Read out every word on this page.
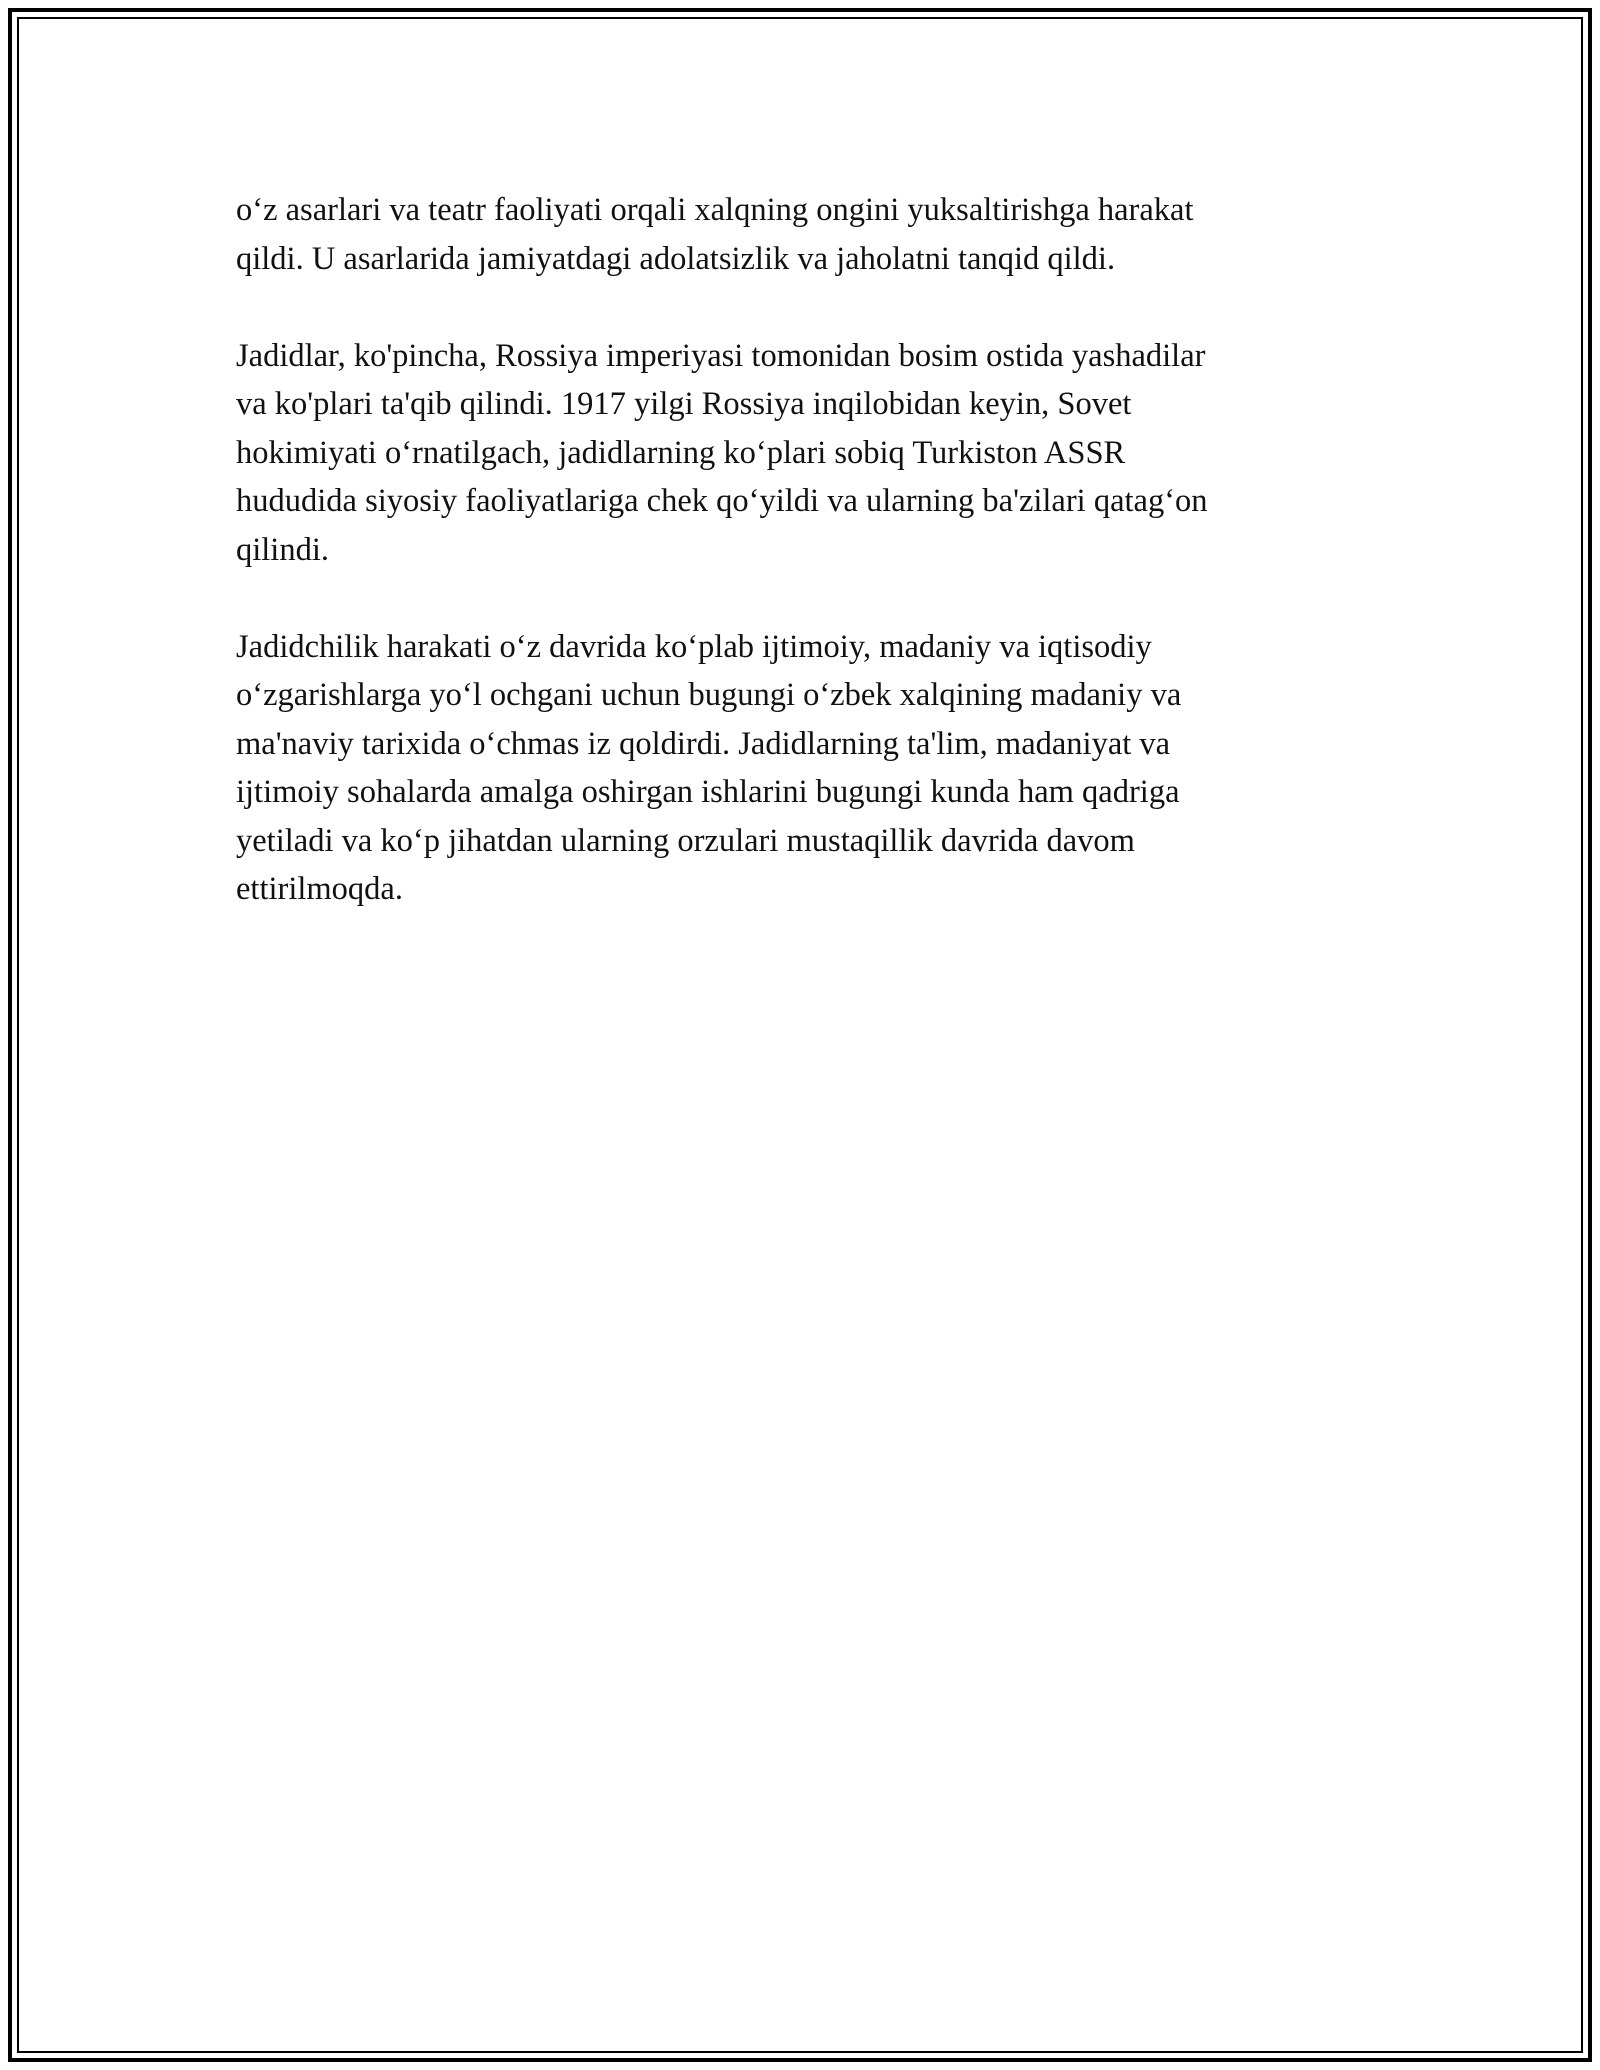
o‘z asarlari va teatr faoliyati orqali xalqning ongini yuksaltirishga harakat
qildi. U asarlarida jamiyatdagi adolatsizlik va jaholatni tanqid qildi.

Jadidlar, ko'pincha, Rossiya imperiyasi tomonidan bosim ostida yashadilar
va ko'plari ta'qib qilindi. 1917 yilgi Rossiya inqilobidan keyin, Sovet
hokimiyati o‘rnatilgach, jadidlarning ko‘plari sobiq Turkiston ASSR
hududida siyosiy faoliyatlariga chek qo‘yildi va ularning ba'zilari qatag‘on
qilindi.

Jadidchilik harakati o‘z davrida ko‘plab ijtimoiy, madaniy va iqtisodiy
o‘zgarishlarga yo‘l ochgani uchun bugungi o‘zbek xalqining madaniy va
ma'naviy tarixida o‘chmas iz qoldirdi. Jadidlarning ta'lim, madaniyat va
ijtimoiy sohalarda amalga oshirgan ishlarini bugungi kunda ham qadriga
yetiladi va ko‘p jihatdan ularning orzulari mustaqillik davrida davom
ettirilmoqda.
